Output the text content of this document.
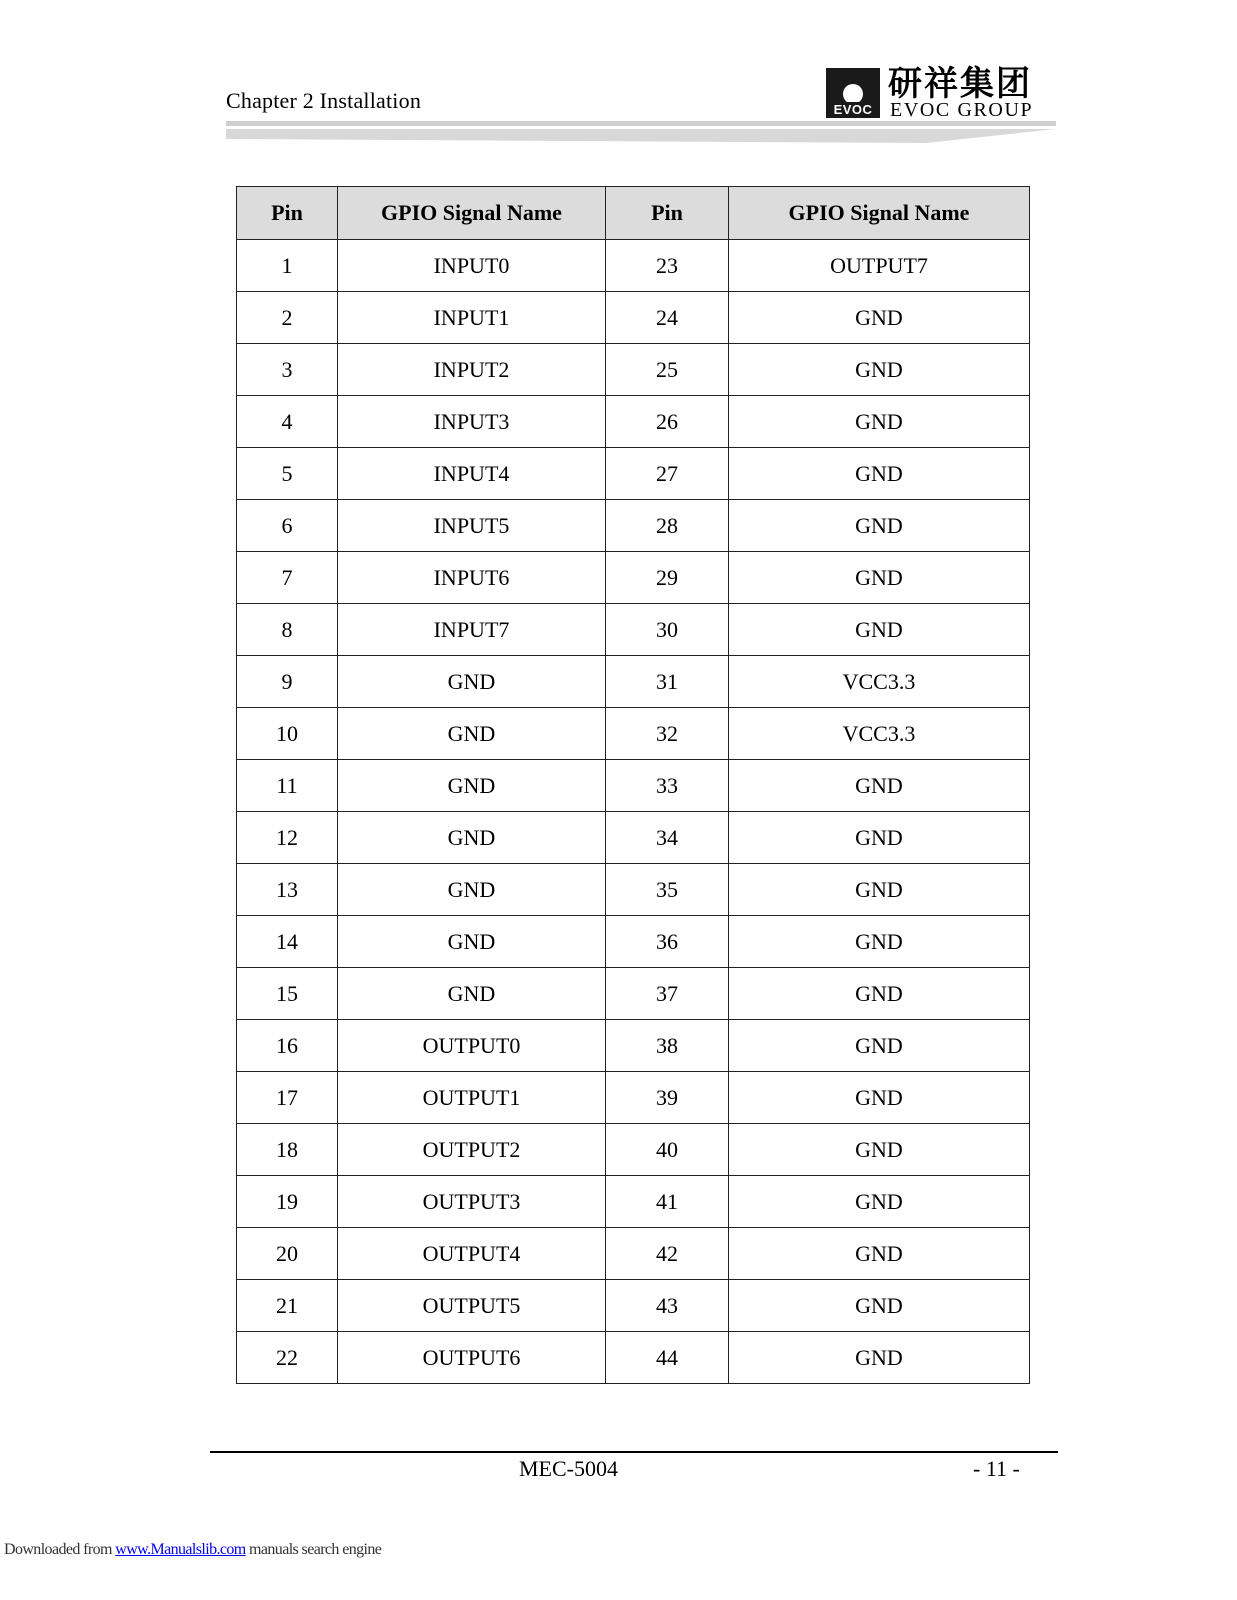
Chapter 2 Installation	EVOC
研祥集团
EVOC GROUP
Pin	GPIO Signal Name	Pin	GPIO Signal Name
1	INPUT0	23	OUTPUT7
2	INPUT1	24	GND
3	INPUT2	25	GND
4	INPUT3	26	GND
5	INPUT4	27	GND
6	INPUT5	28	GND
7	INPUT6	29	GND
8	INPUT7	30	GND
9	GND	31	VCC3.3
10	GND	32	VCC3.3
11	GND	33	GND
12	GND	34	GND
13	GND	35	GND
14	GND	36	GND
15	GND	37	GND
16	OUTPUT0	38	GND
17	OUTPUT1	39	GND
18	OUTPUT2	40	GND
19	OUTPUT3	41	GND
20	OUTPUT4	42	GND
21	OUTPUT5	43	GND
22	OUTPUT6	44	GND
MEC-5004	- 11 -
Downloaded from www.Manualslib.com manuals search engine
